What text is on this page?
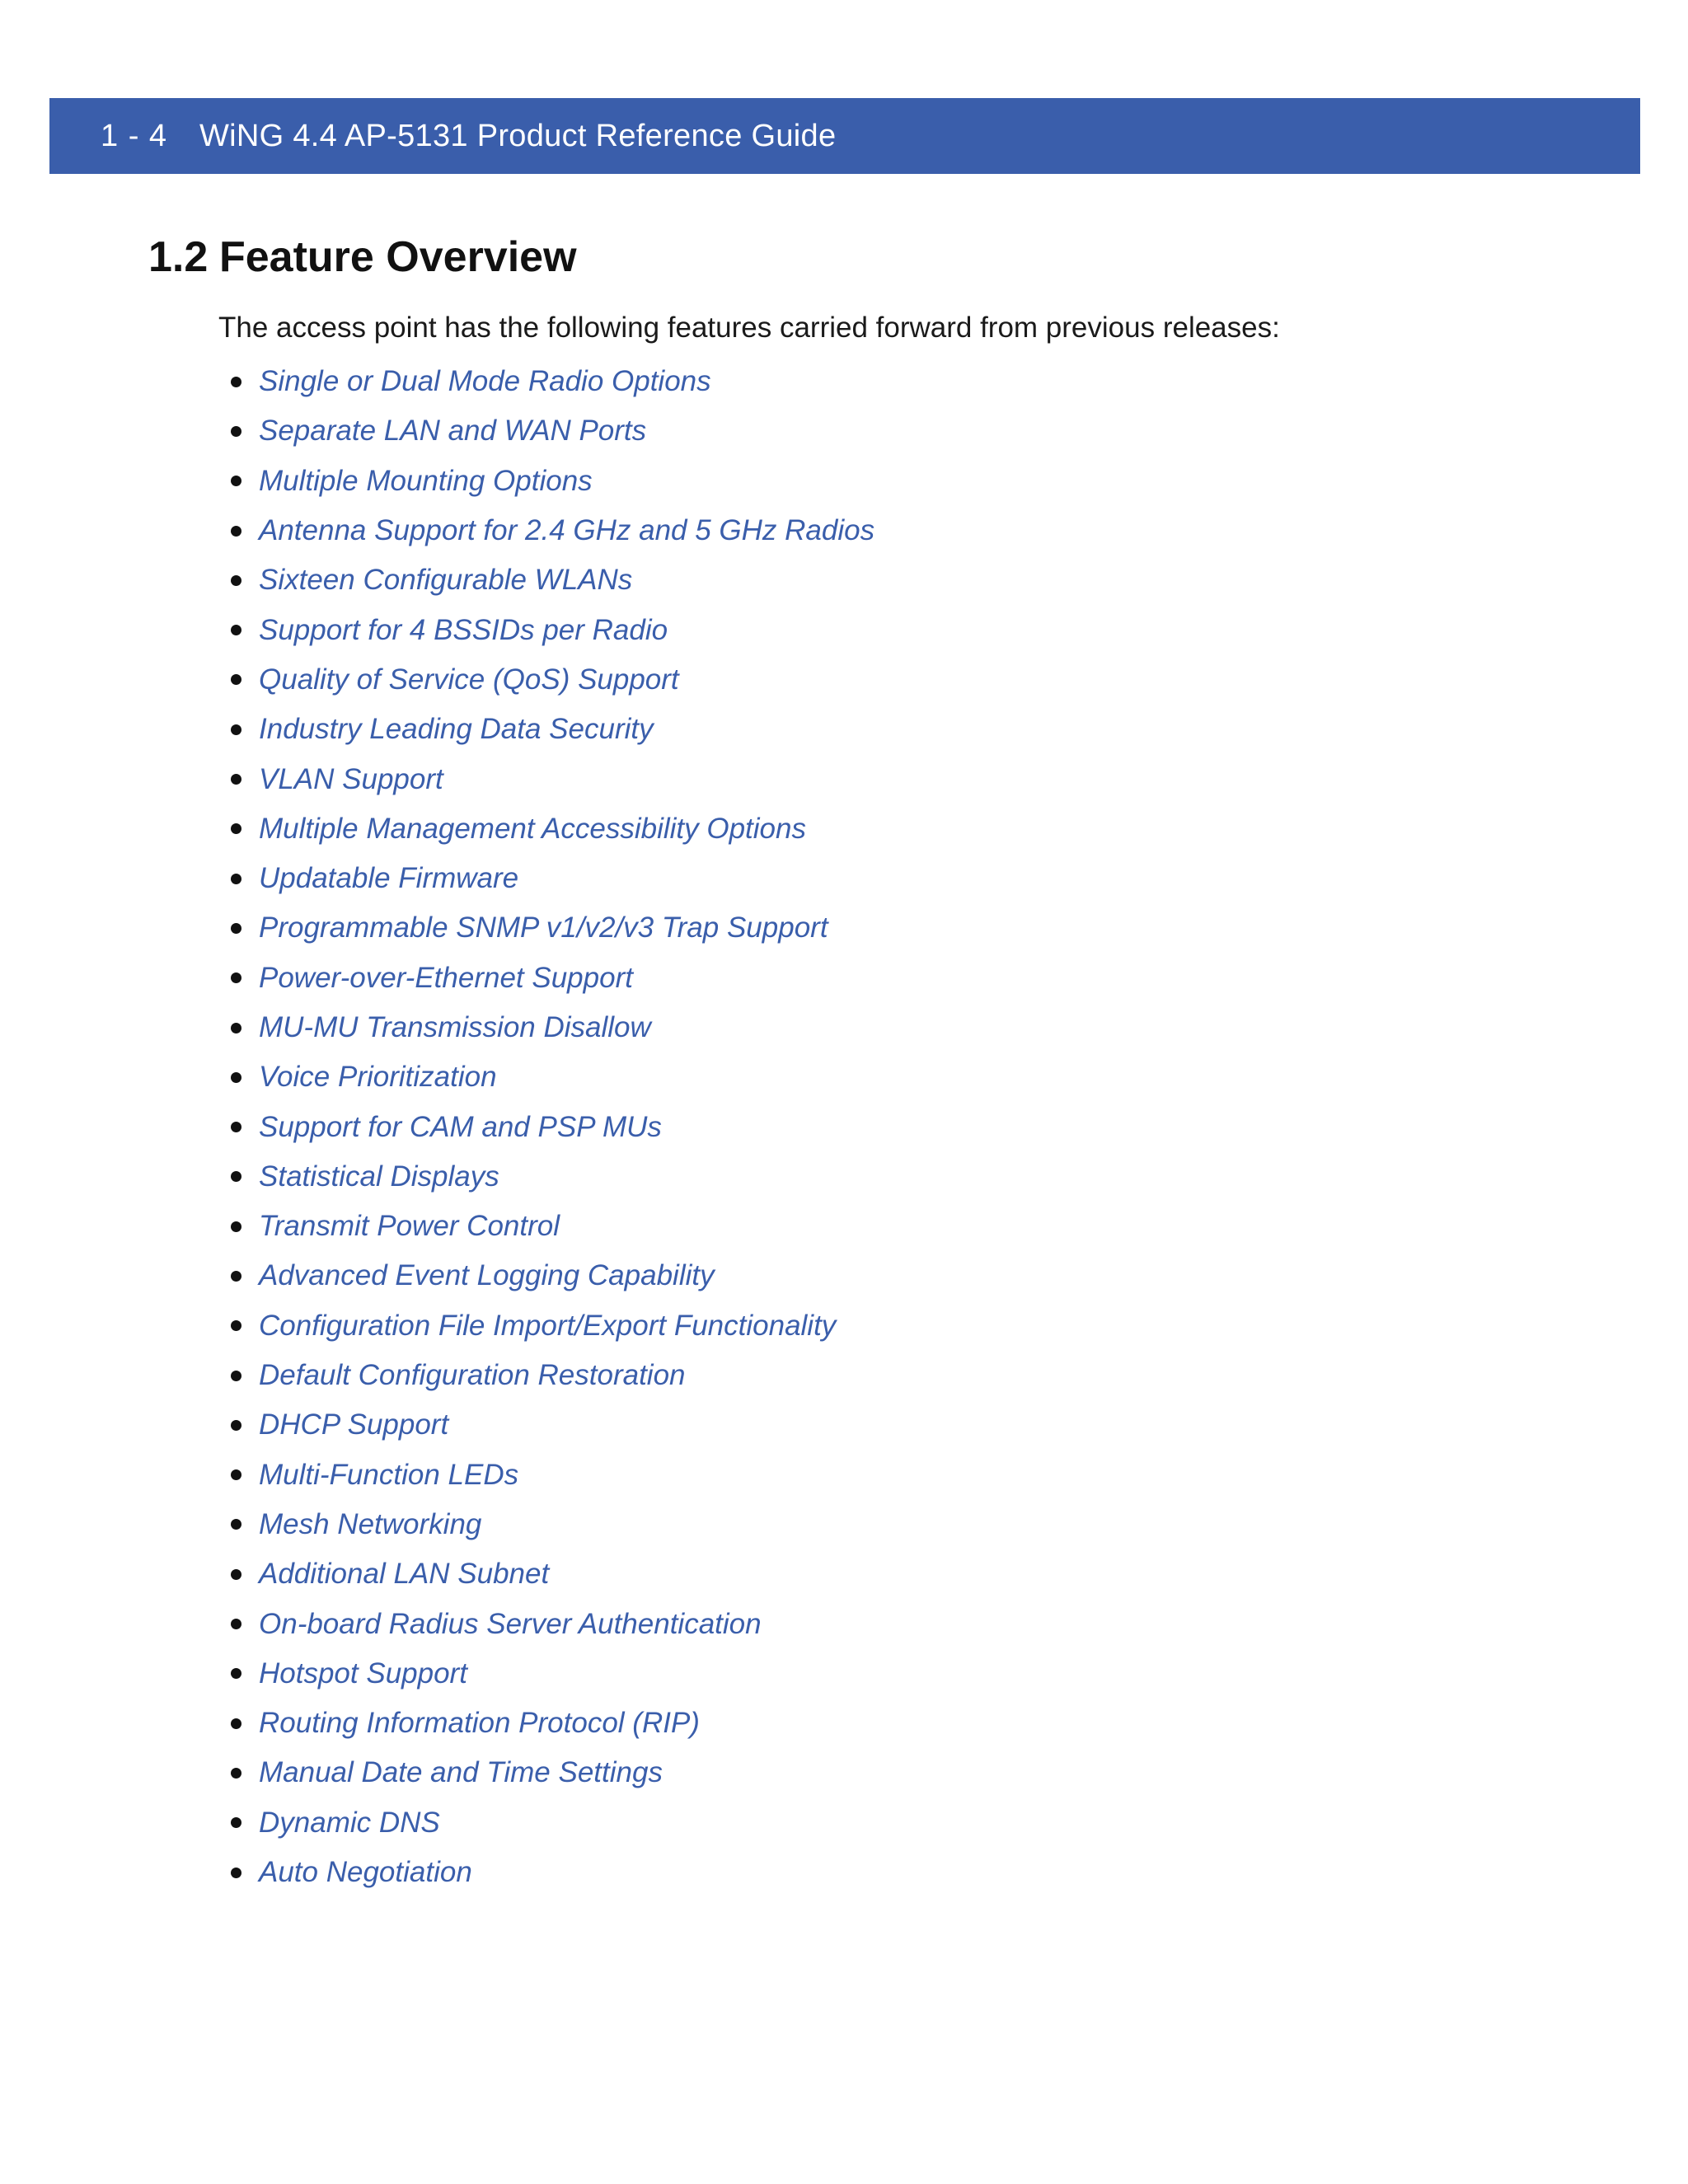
1 - 4	WiNG 4.4 AP-5131 Product Reference Guide
1.2 Feature Overview

The access point has the following features carried forward from previous releases:

Single or Dual Mode Radio Options
Separate LAN and WAN Ports
Multiple Mounting Options
Antenna Support for 2.4 GHz and 5 GHz Radios
Sixteen Configurable WLANs
Support for 4 BSSIDs per Radio
Quality of Service (QoS) Support
Industry Leading Data Security
VLAN Support
Multiple Management Accessibility Options
Updatable Firmware
Programmable SNMP v1/v2/v3 Trap Support
Power-over-Ethernet Support
MU-MU Transmission Disallow
Voice Prioritization
Support for CAM and PSP MUs
Statistical Displays
Transmit Power Control
Advanced Event Logging Capability
Configuration File Import/Export Functionality
Default Configuration Restoration
DHCP Support
Multi-Function LEDs
Mesh Networking
Additional LAN Subnet
On-board Radius Server Authentication
Hotspot Support
Routing Information Protocol (RIP)
Manual Date and Time Settings
Dynamic DNS
Auto Negotiation
